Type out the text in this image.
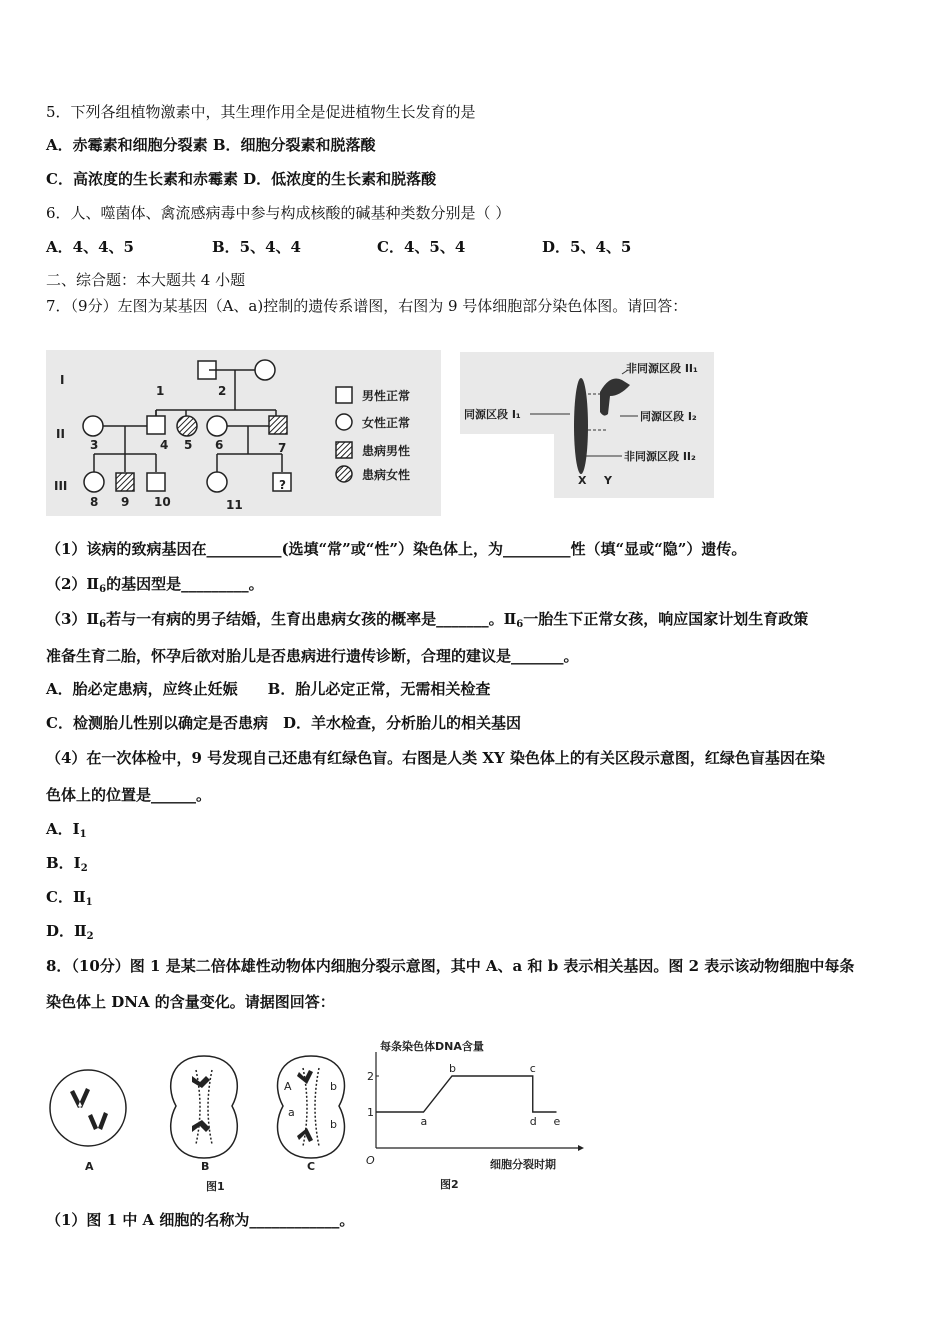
5．下列各组植物激素中，其生理作用全是促进植物生长发育的是
A．赤霉素和细胞分裂素 B．细胞分裂素和脱落酸
C．高浓度的生长素和赤霉素 D．低浓度的生长素和脱落酸
6．人、噬菌体、禽流感病毒中参与构成核酸的碱基种类数分别是（ ）
A．4、4、5	B．5、4、4	C．4、5、4	D．5、4、5
二、综合题：本大题共 4 小题
7．（9分）左图为某基因（A、a)控制的遗传系谱图，右图为 9 号体细胞部分染色体图。请回答：
I
II
III
1	2
3	4 5 6	7
8 9 10	11
?
男性正常
女性正常
患病男性
患病女性
同源区段 I₁
非同源区段 II₁
同源区段 I₂
非同源区段 II₂
X Y
（1）该病的致病基因在__________(选填“常”或“性”）染色体上，为_________性（填“显或“隐”）遗传。
$(2)Ⅱ_6$的基因型是_________。
$(3)Ⅱ_6$若与一有病的男子结婚，生育出患病女孩的概率是_______。$Ⅱ_6$一胎生下正常女孩，响应国家计划生育政策
准备生育二胎，怀孕后欲对胎儿是否患病进行遗传诊断，合理的建议是_______。
A．胎必定患病，应终止妊娠　　B．胎儿必定正常，无需相关检查
C．检测胎儿性别以确定是否患病　D．羊水检查，分析胎儿的相关基因
（4）在一次体检中，9 号发现自己还患有红绿色盲。右图是人类 XY 染色体上的有关区段示意图，红绿色盲基因在染
色体上的位置是______。
A．$I_1$
B．$I_2$
C．$Ⅱ_1$
D．$Ⅱ_2$
8．（10分）图 1 是某二倍体雄性动物体内细胞分裂示意图，其中 A、a 和 b 表示相关基因。图 2 表示该动物细胞中每条
染色体上 DNA 的含量变化。请据图回答：
A	B	C
图1
A
a
b
b
每条染色体DNA含量
O	细胞分裂时期
图2
1
2
a
b	c
d e
（1）图 1 中 A 细胞的名称为____________。
